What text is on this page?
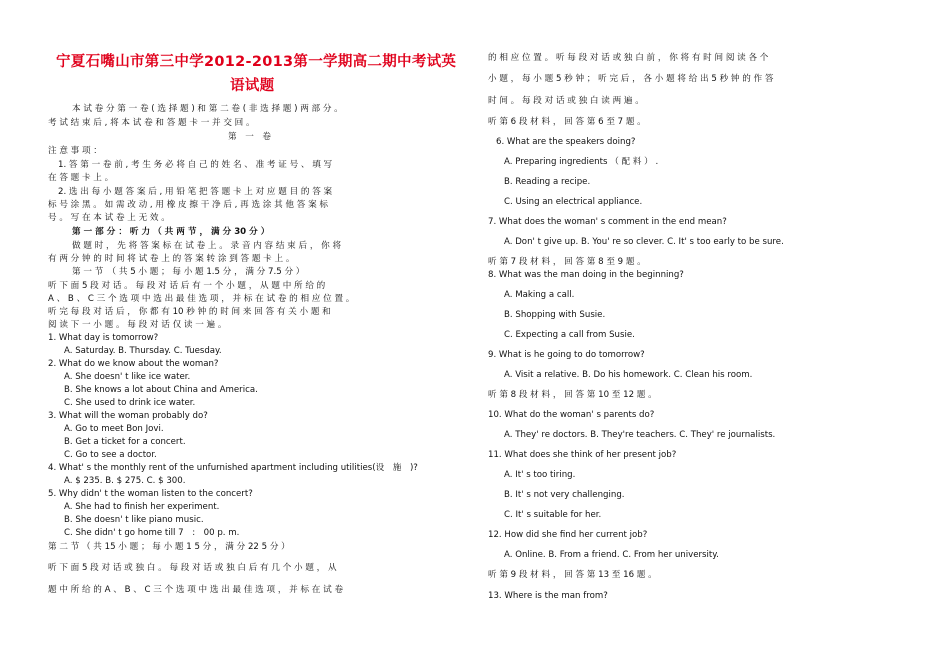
宁夏石嘴山市第三中学2012-2013第一学期高二期中考试英
语试题
本 试 卷 分 第 一 卷 ( 选 择 题 ) 和 第 二 卷 ( 非 选 择 题 ) 两 部 分 。
考 试 结 束 后 , 将 本 试 卷 和 答 题 卡 一 并 交 回 。
第　一　卷
注 意 事 项 ：
1. 答 第 一 卷 前 , 考 生 务 必 将 自 己 的 姓 名 、 准 考 证 号 、 填 写
在 答 题 卡 上 。
2. 选 出 每 小 题 答 案 后 , 用 铅 笔 把 答 题 卡 上 对 应 题 目 的 答 案
标 号 涂 黑 。 如 需 改 动 , 用 橡 皮 擦 干 净 后 , 再 选 涂 其 他 答 案 标
号 。 写 在 本 试 卷 上 无 效 。
第 一 部 分 ： 听 力 （ 共 两 节 ， 满 分 30 分 ）
做 题 时 ， 先 将 答 案 标 在 试 卷 上 。 录 音 内 容 结 束 后 ， 你 将
有 两 分 钟 的 时 间 将 试 卷 上 的 答 案 转 涂 到 答 题 卡 上 。
第 一 节　（ 共 5 小 题 ； 每 小 题 1.5 分 ， 满 分 7.5 分 ）
听 下 面 5 段 对 话 。 每 段 对 话 后 有 一 个 小 题 ， 从 题 中 所 给 的
A 、 B 、 C 三 个 选 项 中 选 出 最 佳 选 项 ， 并 标 在 试 卷 的 相 应 位 置 。
听 完 每 段 对 话 后 ， 你 都 有 10 秒 钟 的 时 间 来 回 答 有 关 小 题 和
阅 读 下 一 小 题 。 每 段 对 话 仅 读 一 遍 。
1. What day is tomorrow?
A. Saturday. B. Thursday. C. Tuesday.
2. What do we know about the woman?
A. She doesn' t like ice water.
B. She knows a lot about China and America.
C. She used to drink ice water.
3. What will the woman probably do?
A. Go to meet Bon Jovi.
B. Get a ticket for a concert.
C. Go to see a doctor.
4. What' s the monthly rent of the unfurnished apartment including utilities(设　施　)?
A. $ 235. B. $ 275. C. $ 300.
5. Why didn' t the woman listen to the concert?
A. She had to finish her experiment.
B. She doesn' t like piano music.
C. She didn' t go home till 7　:　00 p. m.
第 二 节 （ 共 15 小 题 ； 每 小 题 1 5 分 ， 满 分 22 5 分 ）
听 下 面 5 段 对 话 或 独 白 。 每 段 对 话 或 独 白 后 有 几 个 小 题 ， 从
题 中 所 给 的 A 、 B 、 C 三 个 选 项 中 选 出 最 佳 选 项 ， 并 标 在 试 卷
的 相 应 位 置 。 听 每 段 对 话 或 独 白 前 ， 你 将 有 时 间 阅 读 各 个
小 题 ， 每 小 题 5 秒 钟 ； 听 完 后 ， 各 小 题 将 给 出 5 秒 钟 的 作 答
时 间 。 每 段 对 话 或 独 白 读 两 遍 。
听 第 6 段 材 料 ， 回 答 第 6 至 7 题 。
6. What are the speakers doing?
A. Preparing ingredients （ 配 料 ） .
B. Reading a recipe.
C. Using an electrical appliance.
7. What does the woman' s comment in the end mean?
A. Don' t give up. B. You' re so clever. C. It' s too early to be sure.
听 第 7 段 材 料 ， 回 答 第 8 至 9 题 。
8. What was the man doing in the beginning?
A. Making a call.
B. Shopping with Susie.
C. Expecting a call from Susie.
9. What is he going to do tomorrow?
A. Visit a relative. B. Do his homework. C. Clean his room.
听 第 8 段 材 料 ， 回 答 第 10 至 12 题 。
10. What do the woman' s parents do?
A. They' re doctors. B. They're teachers. C. They' re journalists.
11. What does she think of her present job?
A. It' s too tiring.
B. It' s not very challenging.
C. It' s suitable for her.
12. How did she find her current job?
A. Online. B. From a friend. C. From her university.
听 第 9 段 材 料 ， 回 答 第 13 至 16 题 。
13. Where is the man from?
